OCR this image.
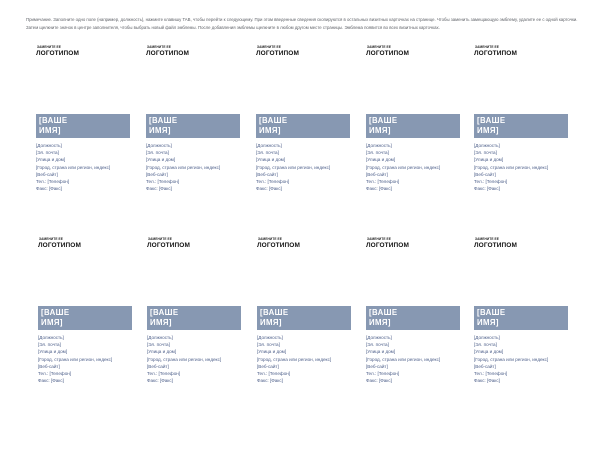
Примечание. Заполните одно поле (например, должность), нажмите клавишу TAB, чтобы перейти к следующему. При этом введенные сведения скопируются в остальных визитных карточках на странице. Чтобы заменить замещающую эмблему, удалите ее с одной карточки. Затем щелкните значок в центре заполнителя, чтобы выбрать новый файл эмблемы. После добавления эмблемы щелкните в любом другом месте страницы. Эмблема появится во всех визитных карточках.

ЗАМЕНИТЕ ЕЕ
ЛОГОТИПОМ
[ВАШЕ
ИМЯ]
[Должность]
[Эл. почта]
[Улица и дом]
[Город, страна или регион, индекс]
[Веб-сайт]
Тел.: [Телефон]
Факс: [Факс]
ЗАМЕНИТЕ ЕЕ
ЛОГОТИПОМ
[ВАШЕ
ИМЯ]
[Должность]
[Эл. почта]
[Улица и дом]
[Город, страна или регион, индекс]
[Веб-сайт]
Тел.: [Телефон]
Факс: [Факс]
ЗАМЕНИТЕ ЕЕ
ЛОГОТИПОМ
[ВАШЕ
ИМЯ]
[Должность]
[Эл. почта]
[Улица и дом]
[Город, страна или регион, индекс]
[Веб-сайт]
Тел.: [Телефон]
Факс: [Факс]
ЗАМЕНИТЕ ЕЕ
ЛОГОТИПОМ
[ВАШЕ
ИМЯ]
[Должность]
[Эл. почта]
[Улица и дом]
[Город, страна или регион, индекс]
[Веб-сайт]
Тел.: [Телефон]
Факс: [Факс]
ЗАМЕНИТЕ ЕЕ
ЛОГОТИПОМ
[ВАШЕ
ИМЯ]
[Должность]
[Эл. почта]
[Улица и дом]
[Город, страна или регион, индекс]
[Веб-сайт]
Тел.: [Телефон]
Факс: [Факс]
ЗАМЕНИТЕ ЕЕ
ЛОГОТИПОМ
[ВАШЕ
ИМЯ]
[Должность]
[Эл. почта]
[Улица и дом]
[Город, страна или регион, индекс]
[Веб-сайт]
Тел.: [Телефон]
Факс: [Факс]
ЗАМЕНИТЕ ЕЕ
ЛОГОТИПОМ
[ВАШЕ
ИМЯ]
[Должность]
[Эл. почта]
[Улица и дом]
[Город, страна или регион, индекс]
[Веб-сайт]
Тел.: [Телефон]
Факс: [Факс]
ЗАМЕНИТЕ ЕЕ
ЛОГОТИПОМ
[ВАШЕ
ИМЯ]
[Должность]
[Эл. почта]
[Улица и дом]
[Город, страна или регион, индекс]
[Веб-сайт]
Тел.: [Телефон]
Факс: [Факс]
ЗАМЕНИТЕ ЕЕ
ЛОГОТИПОМ
[ВАШЕ
ИМЯ]
[Должность]
[Эл. почта]
[Улица и дом]
[Город, страна или регион, индекс]
[Веб-сайт]
Тел.: [Телефон]
Факс: [Факс]
ЗАМЕНИТЕ ЕЕ
ЛОГОТИПОМ
[ВАШЕ
ИМЯ]
[Должность]
[Эл. почта]
[Улица и дом]
[Город, страна или регион, индекс]
[Веб-сайт]
Тел.: [Телефон]
Факс: [Факс]
